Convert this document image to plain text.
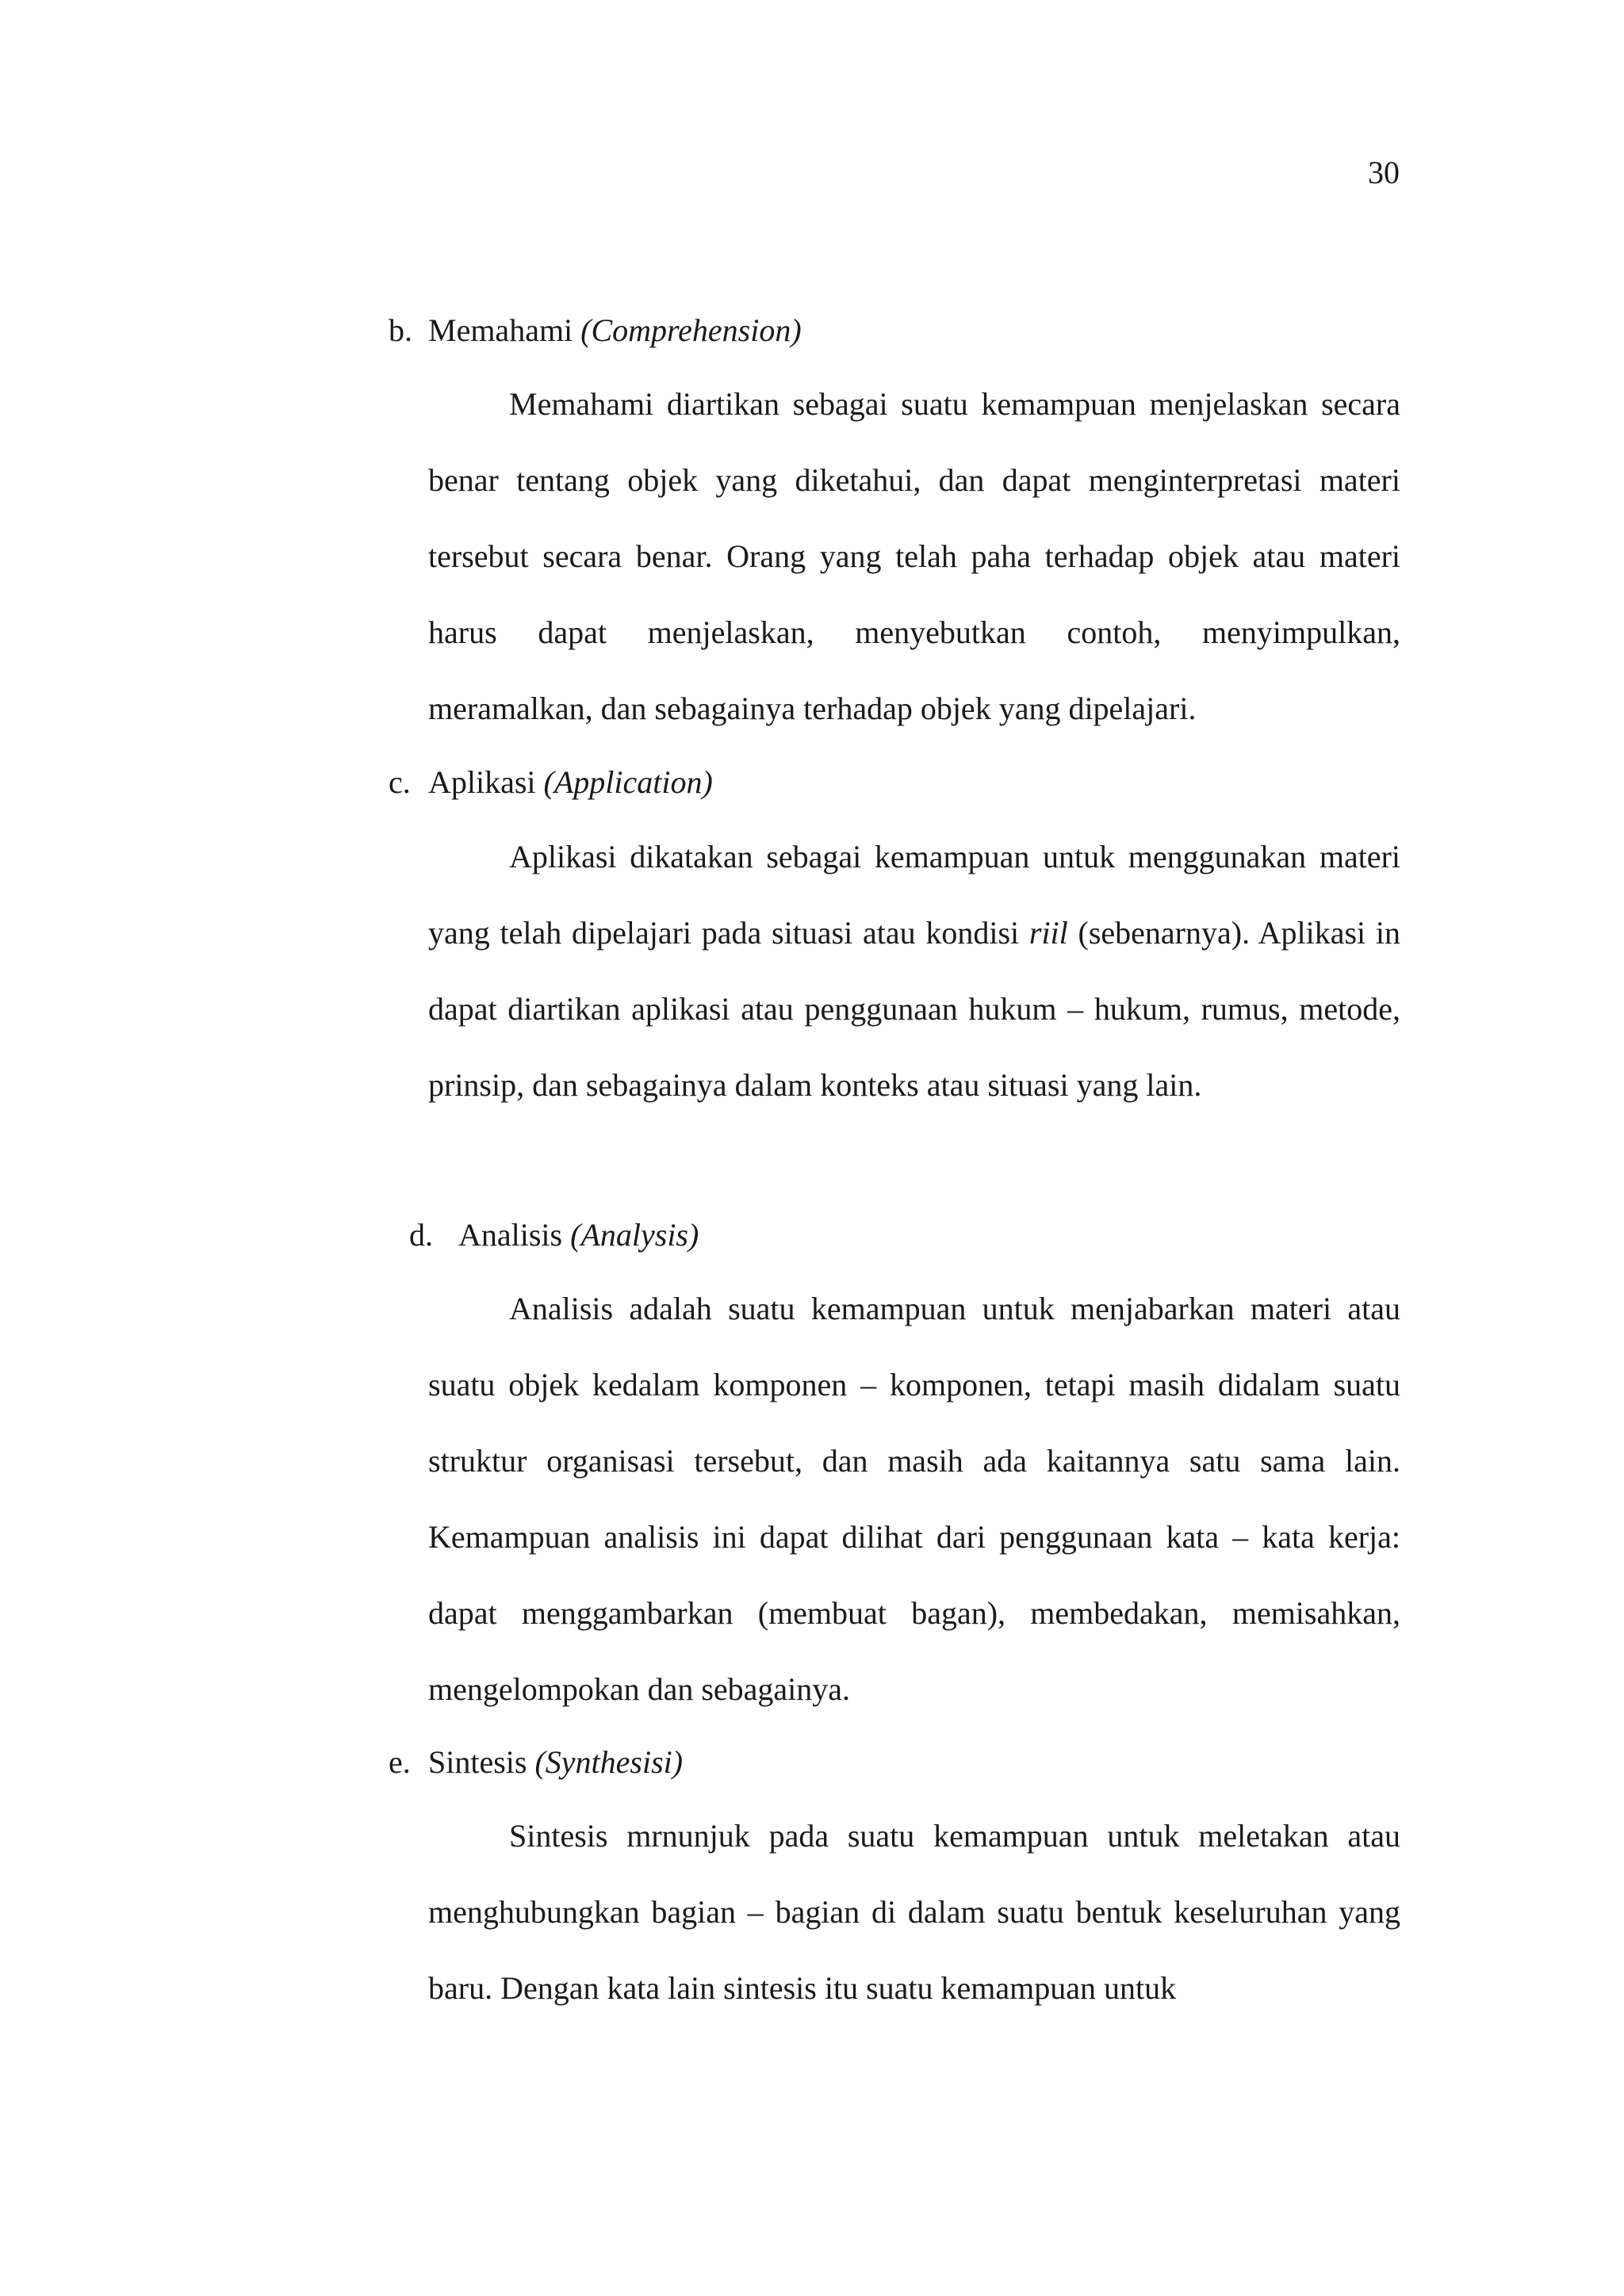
30
b. Memahami (Comprehension)

Memahami diartikan sebagai suatu kemampuan menjelaskan secara benar tentang objek yang diketahui, dan dapat menginterpretasi materi tersebut secara benar. Orang yang telah paha terhadap objek atau materi harus dapat menjelaskan, menyebutkan contoh, menyimpulkan, meramalkan, dan sebagainya terhadap objek yang dipelajari.

c. Aplikasi (Application)

Aplikasi dikatakan sebagai kemampuan untuk menggunakan materi yang telah dipelajari pada situasi atau kondisi riil (sebenarnya). Aplikasi in dapat diartikan aplikasi atau penggunaan hukum – hukum, rumus, metode, prinsip, dan sebagainya dalam konteks atau situasi yang lain.

d. Analisis (Analysis)

Analisis adalah suatu kemampuan untuk menjabarkan materi atau suatu objek kedalam komponen – komponen, tetapi masih didalam suatu struktur organisasi tersebut, dan masih ada kaitannya satu sama lain. Kemampuan analisis ini dapat dilihat dari penggunaan kata – kata kerja: dapat menggambarkan (membuat bagan), membedakan, memisahkan, mengelompokan dan sebagainya.

e. Sintesis (Synthesisi)

Sintesis mrnunjuk pada suatu kemampuan untuk meletakan atau menghubungkan bagian – bagian di dalam suatu bentuk keseluruhan yang baru. Dengan kata lain sintesis itu suatu kemampuan untuk
